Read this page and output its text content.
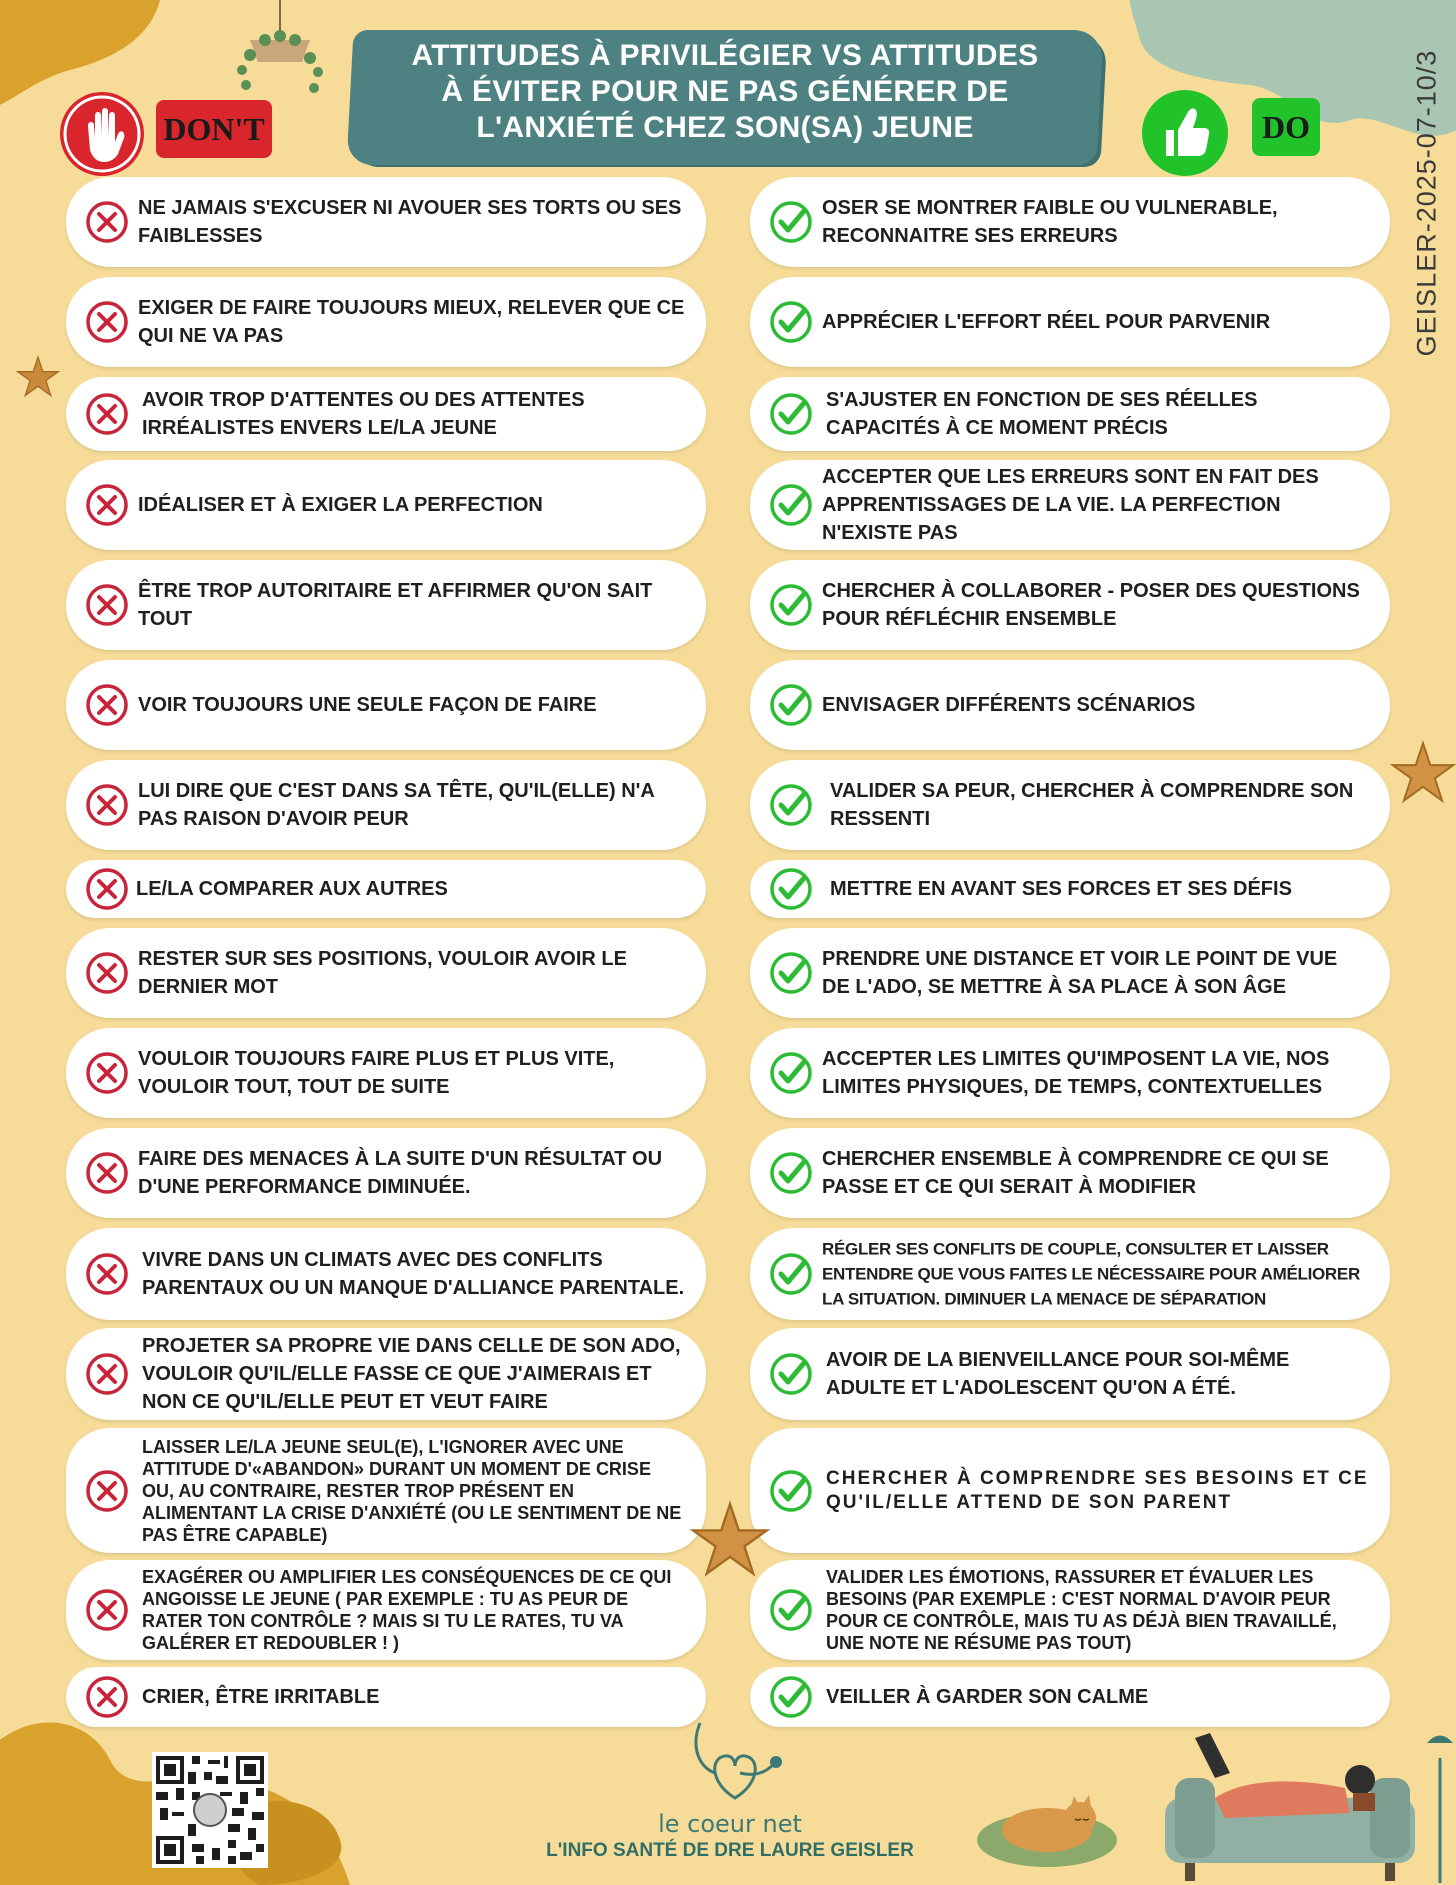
ATTITUDES À PRIVILÉGIER VS ATTITUDES
À ÉVITER POUR NE PAS GÉNÉRER DE
L'ANXIÉTÉ CHEZ SON(SA) JEUNE
DON'T	DO	GEISLER-2025-07-10/3
NE JAMAIS S'EXCUSER NI AVOUER SES TORTS OU SES FAIBLESSES
EXIGER DE FAIRE TOUJOURS MIEUX, RELEVER QUE CE QUI NE VA PAS
AVOIR TROP D'ATTENTES OU DES ATTENTES IRRÉALISTES ENVERS LE/LA JEUNE
IDÉALISER ET À EXIGER LA PERFECTION
ÊTRE TROP AUTORITAIRE ET AFFIRMER QU'ON SAIT TOUT
VOIR TOUJOURS UNE SEULE FAÇON DE FAIRE
LUI DIRE QUE C'EST DANS SA TÊTE, QU'IL(ELLE) N'A PAS RAISON D'AVOIR PEUR
LE/LA COMPARER AUX AUTRES
RESTER SUR SES POSITIONS, VOULOIR AVOIR LE DERNIER MOT
VOULOIR TOUJOURS FAIRE PLUS ET PLUS VITE, VOULOIR TOUT, TOUT DE SUITE
FAIRE DES MENACES À LA SUITE D'UN RÉSULTAT OU D'UNE PERFORMANCE DIMINUÉE.
VIVRE DANS UN CLIMATS AVEC DES CONFLITS PARENTAUX OU UN MANQUE D'ALLIANCE PARENTALE.
PROJETER SA PROPRE VIE DANS CELLE DE SON ADO, VOULOIR QU'IL/ELLE FASSE CE QUE J'AIMERAIS ET NON CE QU'IL/ELLE PEUT ET VEUT FAIRE
LAISSER LE/LA JEUNE SEUL(E), L'IGNORER AVEC UNE ATTITUDE D'«ABANDON» DURANT UN MOMENT DE CRISE OU, AU CONTRAIRE, RESTER TROP PRÉSENT EN ALIMENTANT LA CRISE D'ANXIÉTÉ (OU LE SENTIMENT DE NE PAS ÊTRE CAPABLE)
EXAGÉRER OU AMPLIFIER LES CONSÉQUENCES DE CE QUI ANGOISSE LE JEUNE ( PAR EXEMPLE : TU AS PEUR DE RATER TON CONTRÔLE ? MAIS SI TU LE RATES, TU VA GALÉRER ET REDOUBLER ! )
CRIER, ÊTRE IRRITABLE
OSER SE MONTRER FAIBLE OU VULNERABLE, RECONNAITRE SES ERREURS
APPRÉCIER L'EFFORT RÉEL POUR PARVENIR
S'AJUSTER EN FONCTION DE SES RÉELLES CAPACITÉS À CE MOMENT PRÉCIS
ACCEPTER QUE LES ERREURS SONT EN FAIT DES APPRENTISSAGES DE LA VIE. LA PERFECTION N'EXISTE PAS
CHERCHER À COLLABORER - POSER DES QUESTIONS POUR RÉFLÉCHIR ENSEMBLE
ENVISAGER DIFFÉRENTS SCÉNARIOS
VALIDER SA PEUR, CHERCHER À COMPRENDRE SON RESSENTI
METTRE EN AVANT SES FORCES ET SES DÉFIS
PRENDRE UNE DISTANCE ET VOIR LE POINT DE VUE DE L'ADO, SE METTRE À SA PLACE À SON ÂGE
ACCEPTER LES LIMITES QU'IMPOSENT LA VIE, NOS LIMITES PHYSIQUES, DE TEMPS, CONTEXTUELLES
CHERCHER ENSEMBLE À COMPRENDRE CE QUI SE PASSE ET CE QUI SERAIT À MODIFIER
RÉGLER SES CONFLITS DE COUPLE, CONSULTER ET LAISSER ENTENDRE QUE VOUS FAITES LE NÉCESSAIRE POUR AMÉLIORER LA SITUATION. DIMINUER LA MENACE DE SÉPARATION
AVOIR DE LA BIENVEILLANCE POUR SOI-MÊME ADULTE ET L'ADOLESCENT QU'ON A ÉTÉ.
CHERCHER À COMPRENDRE SES BESOINS ET CE QU'IL/ELLE ATTEND DE SON PARENT
VALIDER LES ÉMOTIONS, RASSURER ET ÉVALUER LES BESOINS (PAR EXEMPLE : C'EST NORMAL D'AVOIR PEUR POUR CE CONTRÔLE, MAIS TU AS DÉJÀ BIEN TRAVAILLÉ, UNE NOTE NE RÉSUME PAS TOUT)
VEILLER À GARDER SON CALME
le coeur net
L'INFO SANTÉ DE DRE LAURE GEISLER
